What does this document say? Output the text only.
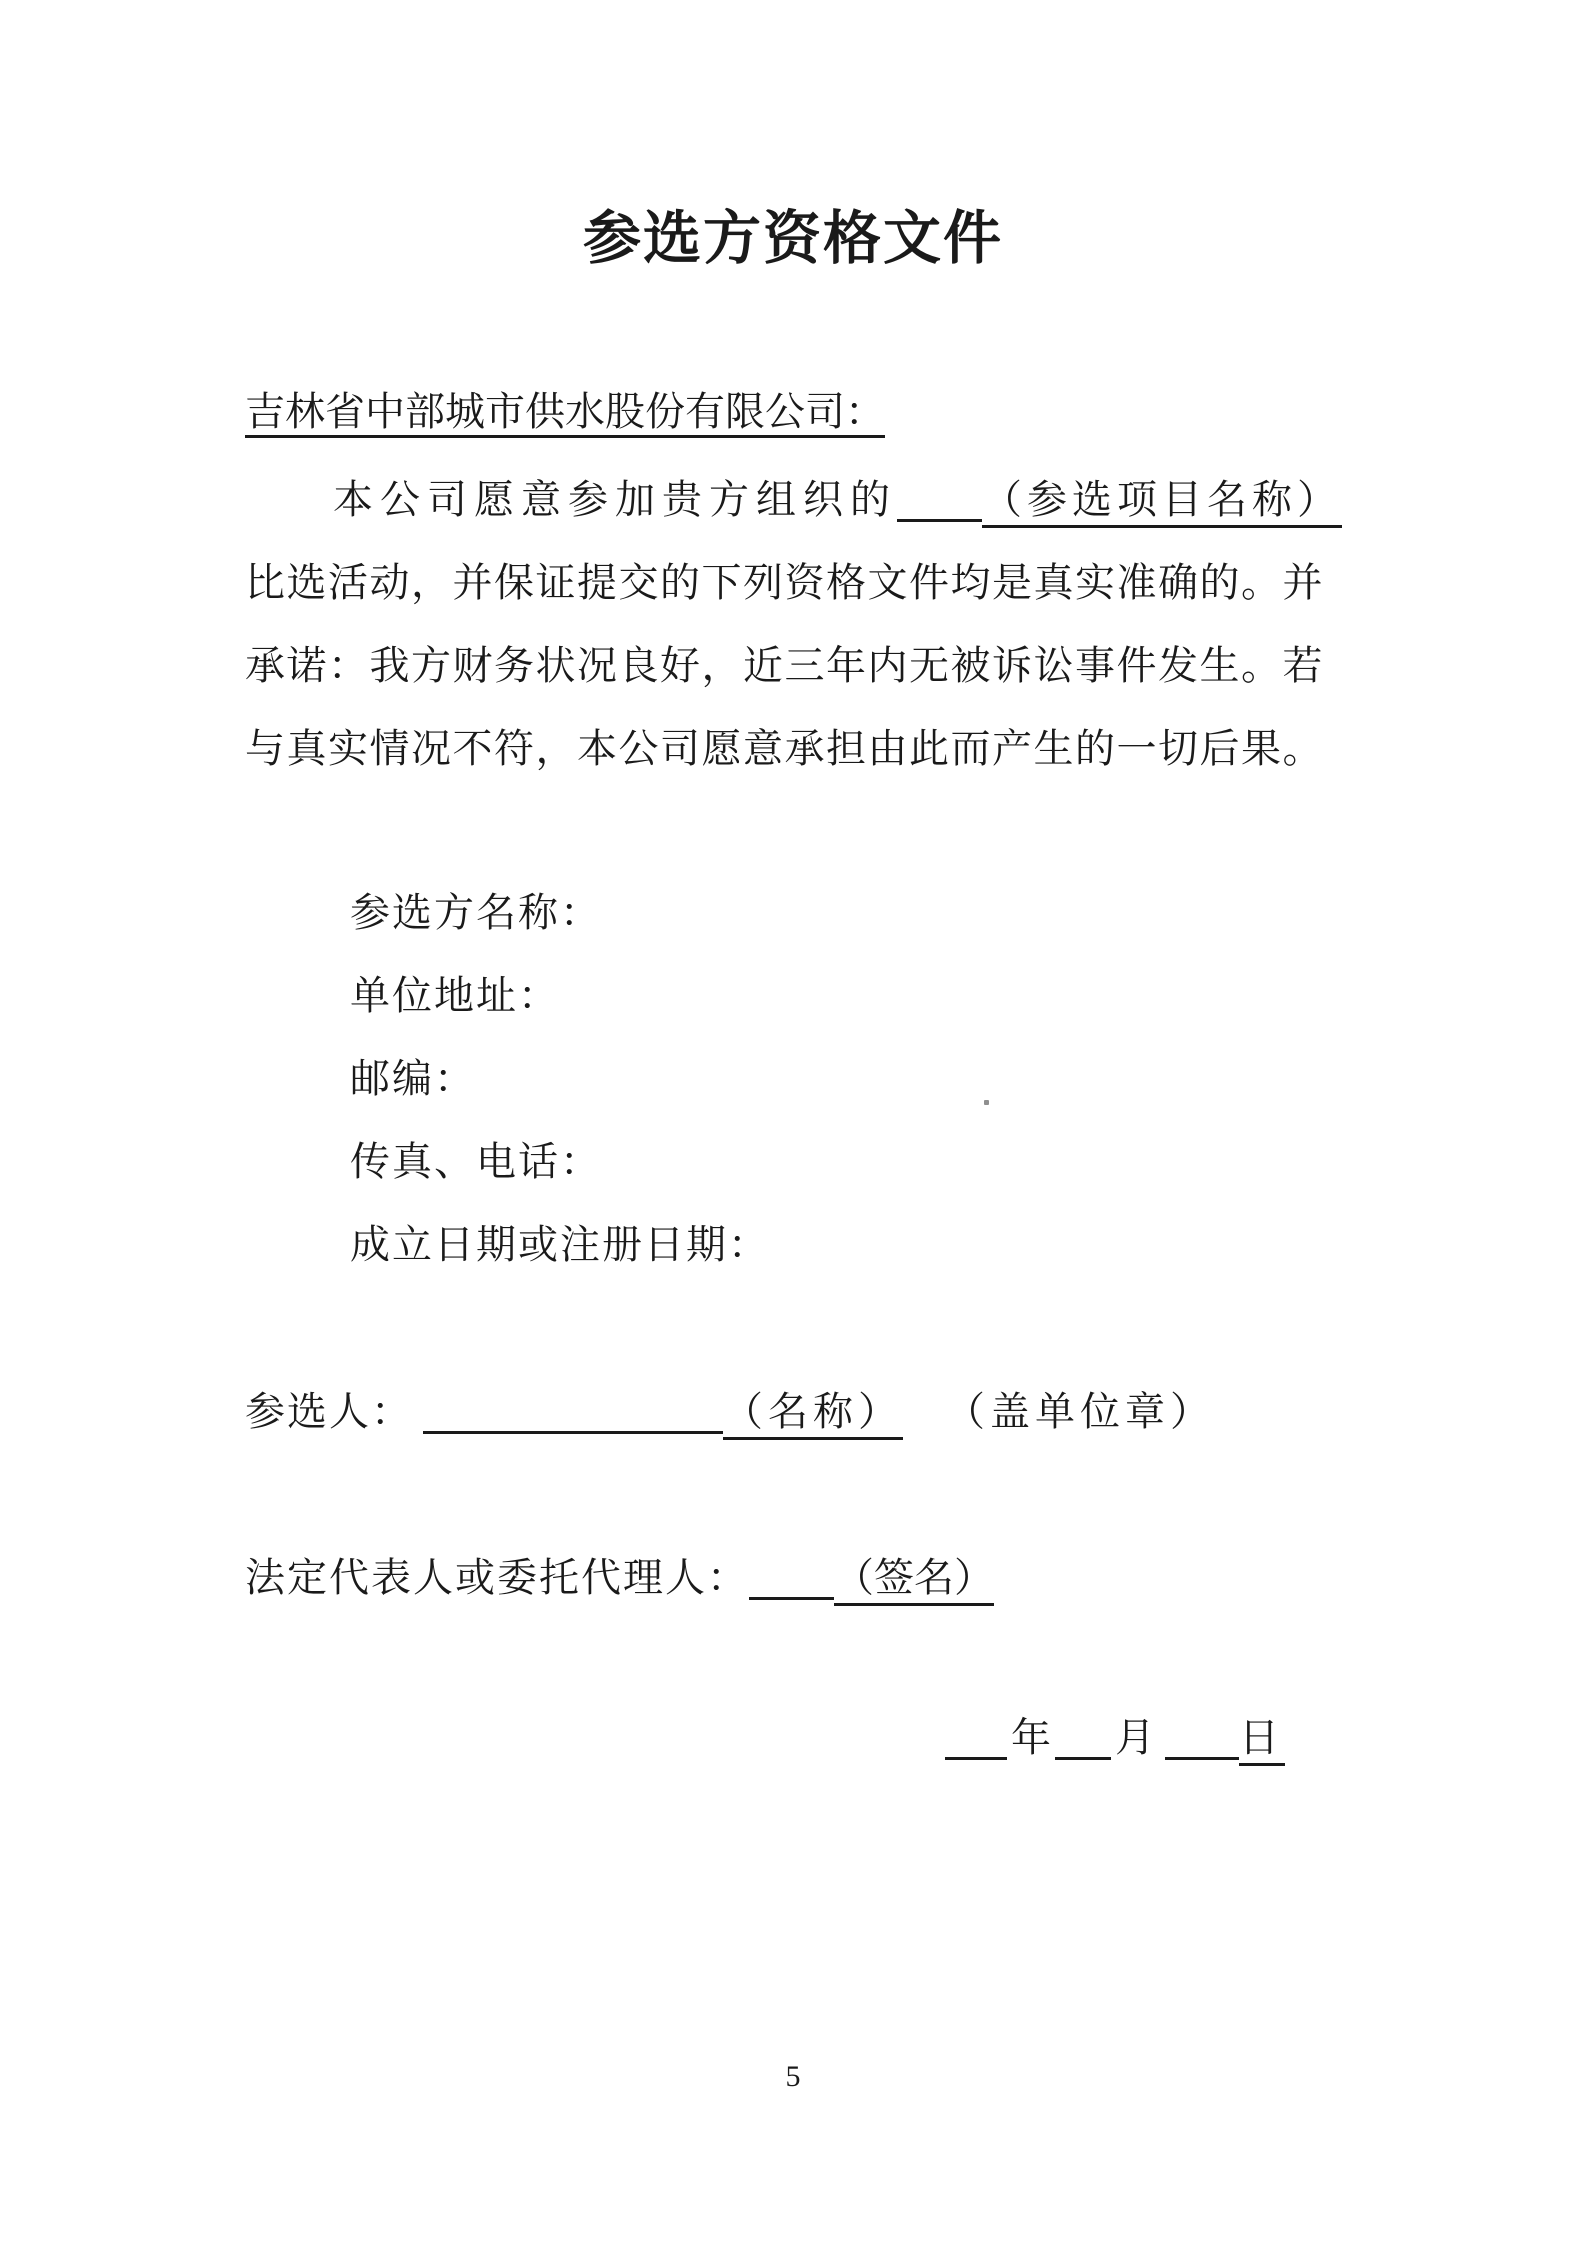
参选方资格文件
吉林省中部城市供水股份有限公司：
本公司愿意参加贵方组织的 （参选项目名称）
比选活动，并保证提交的下列资格文件均是真实准确的。并
承诺：我方财务状况良好，近三年内无被诉讼事件发生。若
与真实情况不符，本公司愿意承担由此而产生的一切后果。
参选方名称：
单位地址：
邮编：
传真、电话：
成立日期或注册日期：
参选人：	（名称） （盖单位章）
法定代表人或委托代理人： （签名）
年 月 日
5
